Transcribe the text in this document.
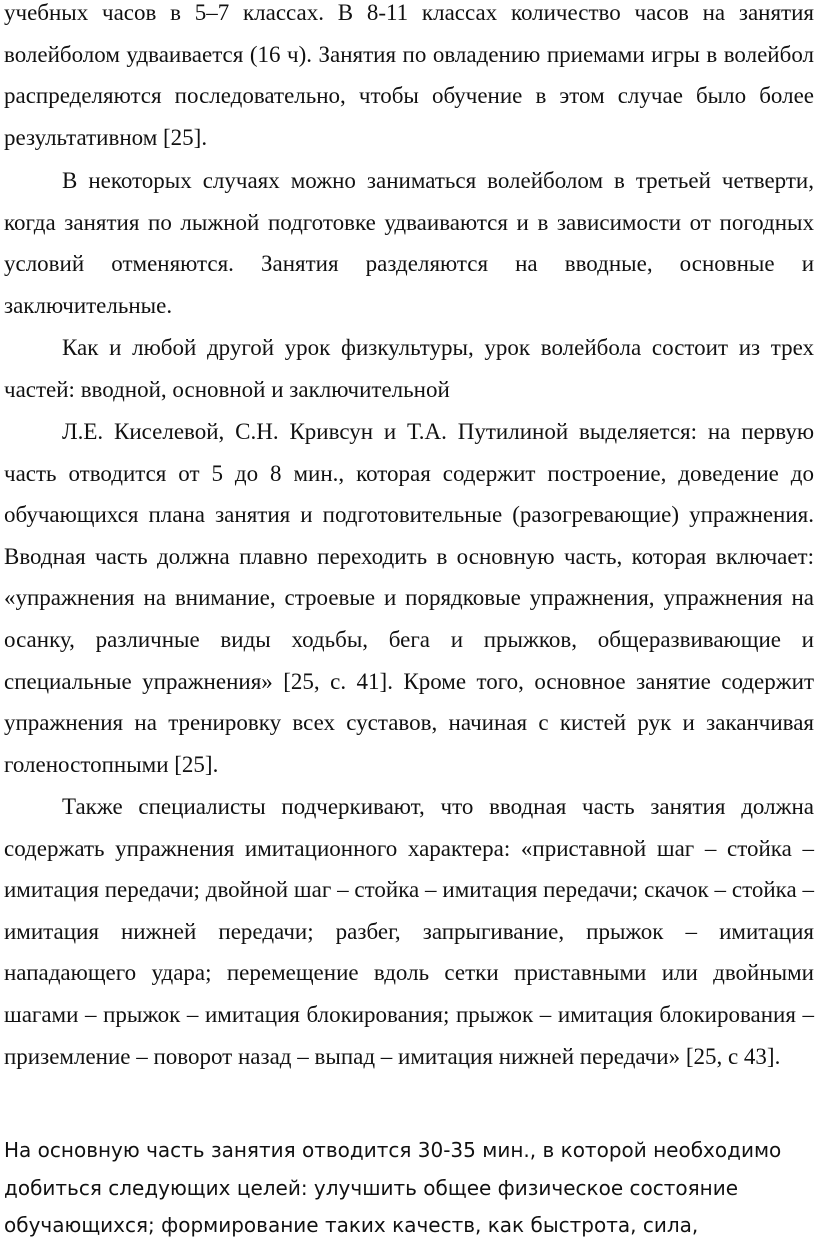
учебных часов в 5–7 классах. В 8-11 классах количество часов на занятия волейболом удваивается (16 ч). Занятия по овладению приемами игры в волейбол распределяются последовательно, чтобы обучение в этом случае было более результативном [25].

В некоторых случаях можно заниматься волейболом в третьей четверти, когда занятия по лыжной подготовке удваиваются и в зависимости от погодных условий отменяются. Занятия разделяются на вводные, основные и заключительные.

Как и любой другой урок физкультуры, урок волейбола состоит из трех частей: вводной, основной и заключительной

Л.Е. Киселевой, С.Н. Кривсун и Т.А. Путилиной выделяется: на первую часть отводится от 5 до 8 мин., которая содержит построение, доведение до обучающихся плана занятия и подготовительные (разогревающие) упражнения. Вводная часть должна плавно переходить в основную часть, которая включает: «упражнения на внимание, строевые и порядковые упражнения, упражнения на осанку, различные виды ходьбы, бега и прыжков, общеразвивающие и специальные упражнения» [25, с. 41]. Кроме того, основное занятие содержит упражнения на тренировку всех суставов, начиная с кистей рук и заканчивая голеностопными [25].

Также специалисты подчеркивают, что вводная часть занятия должна содержать упражнения имитационного характера: «приставной шаг – стойка – имитация передачи; двойной шаг – стойка – имитация передачи; скачок – стойка – имитация нижней передачи; разбег, запрыгивание, прыжок – имитация нападающего удара; перемещение вдоль сетки приставными или двойными шагами – прыжок – имитация блокирования; прыжок – имитация блокирования – приземление – поворот назад – выпад – имитация нижней передачи» [25, с 43].

На основную часть занятия отводится 30-35 мин., в которой необходимо
добиться следующих целей: улучшить общее физическое состояние
обучающихся; формирование таких качеств, как быстрота, сила,
